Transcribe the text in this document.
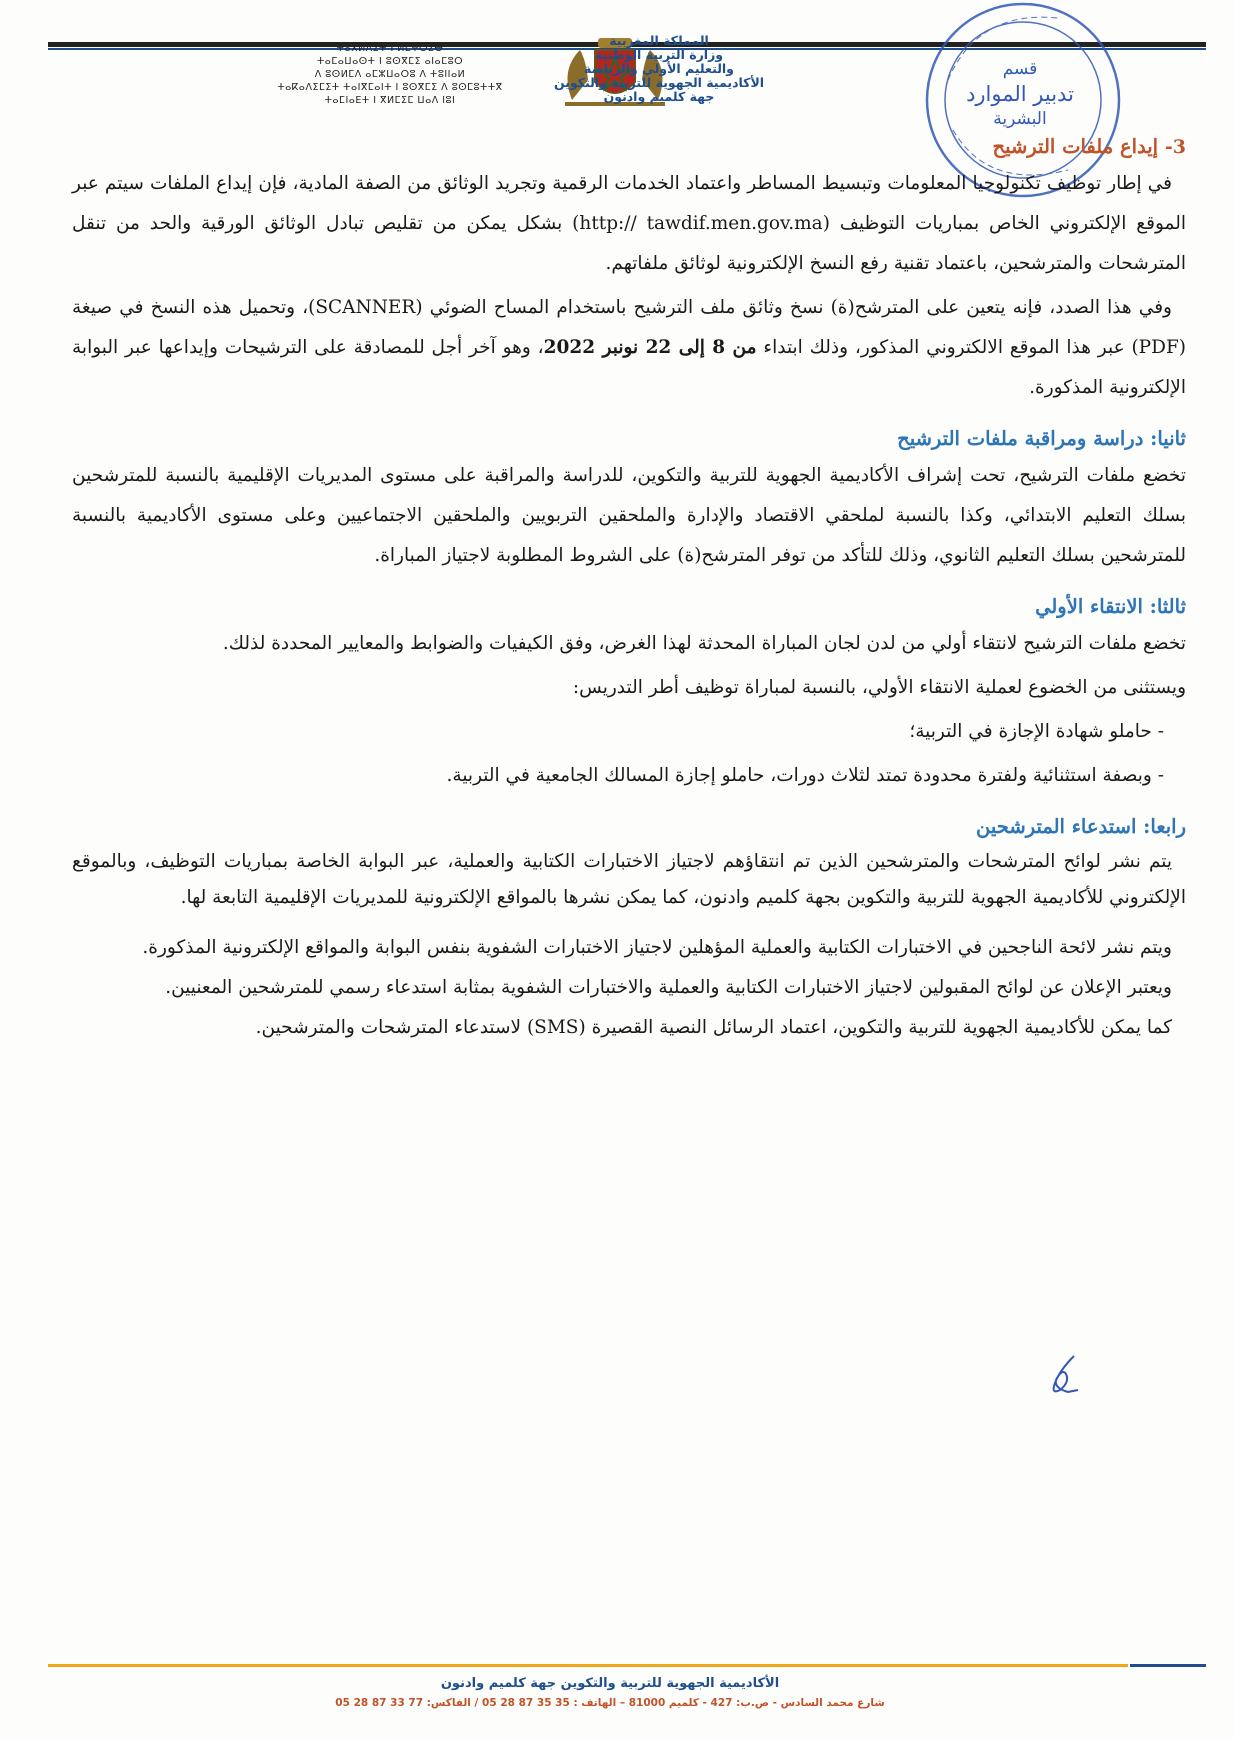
ⵜⴰⴳⵍⴷⵉⵜ ⵏ ⵍⵎⵖⵔⵉⴱ
ⵜⴰⵎⴰⵡⴰⵙⵜ ⵏ ⵓⵙⴳⵎⵉ ⴰⵏⴰⵎⵓⵔ
ⴷ ⵓⵙⵍⵎⴷ ⴰⵎⵣⵡⴰⵔⵓ ⴷ ⵜⵓⵏⵏⴰⵍ
ⵜⴰⴽⴰⴷⵉⵎⵉⵜ ⵜⴰⵏⴳⵎⴰⵏⵜ ⵏ ⵓⵙⴳⵎⵉ ⴷ ⵓⵙⵎⵓⵜⵜⴳ
ⵜⴰⵎⵏⴰⴹⵜ ⵏ ⴳⵍⵎⵉⵎ ⵡⴰⴷ ⵏⵓⵏ
المملكة المغربية
وزارة التربية الوطنية
والتعليم الأولي والرياضة
الأكاديمية الجهوية للتربية والتكوين
جهة كلميم وادنون
قسم
تدبير الموارد
البشرية
3- إيداع ملفات الترشيح

في إطار توظيف تكنولوجيا المعلومات وتبسيط المساطر واعتماد الخدمات الرقمية وتجريد الوثائق من الصفة المادية، فإن إيداع الملفات سيتم عبر الموقع الإلكتروني الخاص بمباريات التوظيف (http:// tawdif.men.gov.ma) بشكل يمكن من تقليص تبادل الوثائق الورقية والحد من تنقل المترشحات والمترشحين، باعتماد تقنية رفع النسخ الإلكترونية لوثائق ملفاتهم.

وفي هذا الصدد، فإنه يتعين على المترشح(ة) نسخ وثائق ملف الترشيح باستخدام المساح الضوئي (SCANNER)، وتحميل هذه النسخ في صيغة (PDF) عبر هذا الموقع الالكتروني المذكور، وذلك ابتداء من 8 إلى 22 نونبر 2022، وهو آخر أجل للمصادقة على الترشيحات وإيداعها عبر البوابة الإلكترونية المذكورة.

ثانيا: دراسة ومراقبة ملفات الترشيح

تخضع ملفات الترشيح، تحت إشراف الأكاديمية الجهوية للتربية والتكوين، للدراسة والمراقبة على مستوى المديريات الإقليمية بالنسبة للمترشحين بسلك التعليم الابتدائي، وكذا بالنسبة لملحقي الاقتصاد والإدارة والملحقين التربويين والملحقين الاجتماعيين وعلى مستوى الأكاديمية بالنسبة للمترشحين بسلك التعليم الثانوي، وذلك للتأكد من توفر المترشح(ة) على الشروط المطلوبة لاجتياز المباراة.

ثالثا: الانتقاء الأولي

تخضع ملفات الترشيح لانتقاء أولي من لدن لجان المباراة المحدثة لهذا الغرض، وفق الكيفيات والضوابط والمعايير المحددة لذلك.

ويستثنى من الخضوع لعملية الانتقاء الأولي، بالنسبة لمباراة توظيف أطر التدريس:

- حاملو شهادة الإجازة في التربية؛

- وبصفة استثنائية ولفترة محدودة تمتد لثلاث دورات، حاملو إجازة المسالك الجامعية في التربية.

رابعا: استدعاء المترشحين

يتم نشر لوائح المترشحات والمترشحين الذين تم انتقاؤهم لاجتياز الاختبارات الكتابية والعملية، عبر البوابة الخاصة بمباريات التوظيف، وبالموقع الإلكتروني للأكاديمية الجهوية للتربية والتكوين بجهة كلميم وادنون، كما يمكن نشرها بالمواقع الإلكترونية للمديريات الإقليمية التابعة لها.

ويتم نشر لائحة الناجحين في الاختبارات الكتابية والعملية المؤهلين لاجتياز الاختبارات الشفوية بنفس البوابة والمواقع الإلكترونية المذكورة.

ويعتبر الإعلان عن لوائح المقبولين لاجتياز الاختبارات الكتابية والعملية والاختبارات الشفوية بمثابة استدعاء رسمي للمترشحين المعنيين.

كما يمكن للأكاديمية الجهوية للتربية والتكوين، اعتماد الرسائل النصية القصيرة (SMS) لاستدعاء المترشحات والمترشحين.

الأكاديمية الجهوية للتربية والتكوين جهة كلميم وادنون
شارع محمد السادس - ص.ب: 427 - كلميم 81000 – الهاتف : 35 35 87 28 05 / الفاكس: 77 33 87 28 05
